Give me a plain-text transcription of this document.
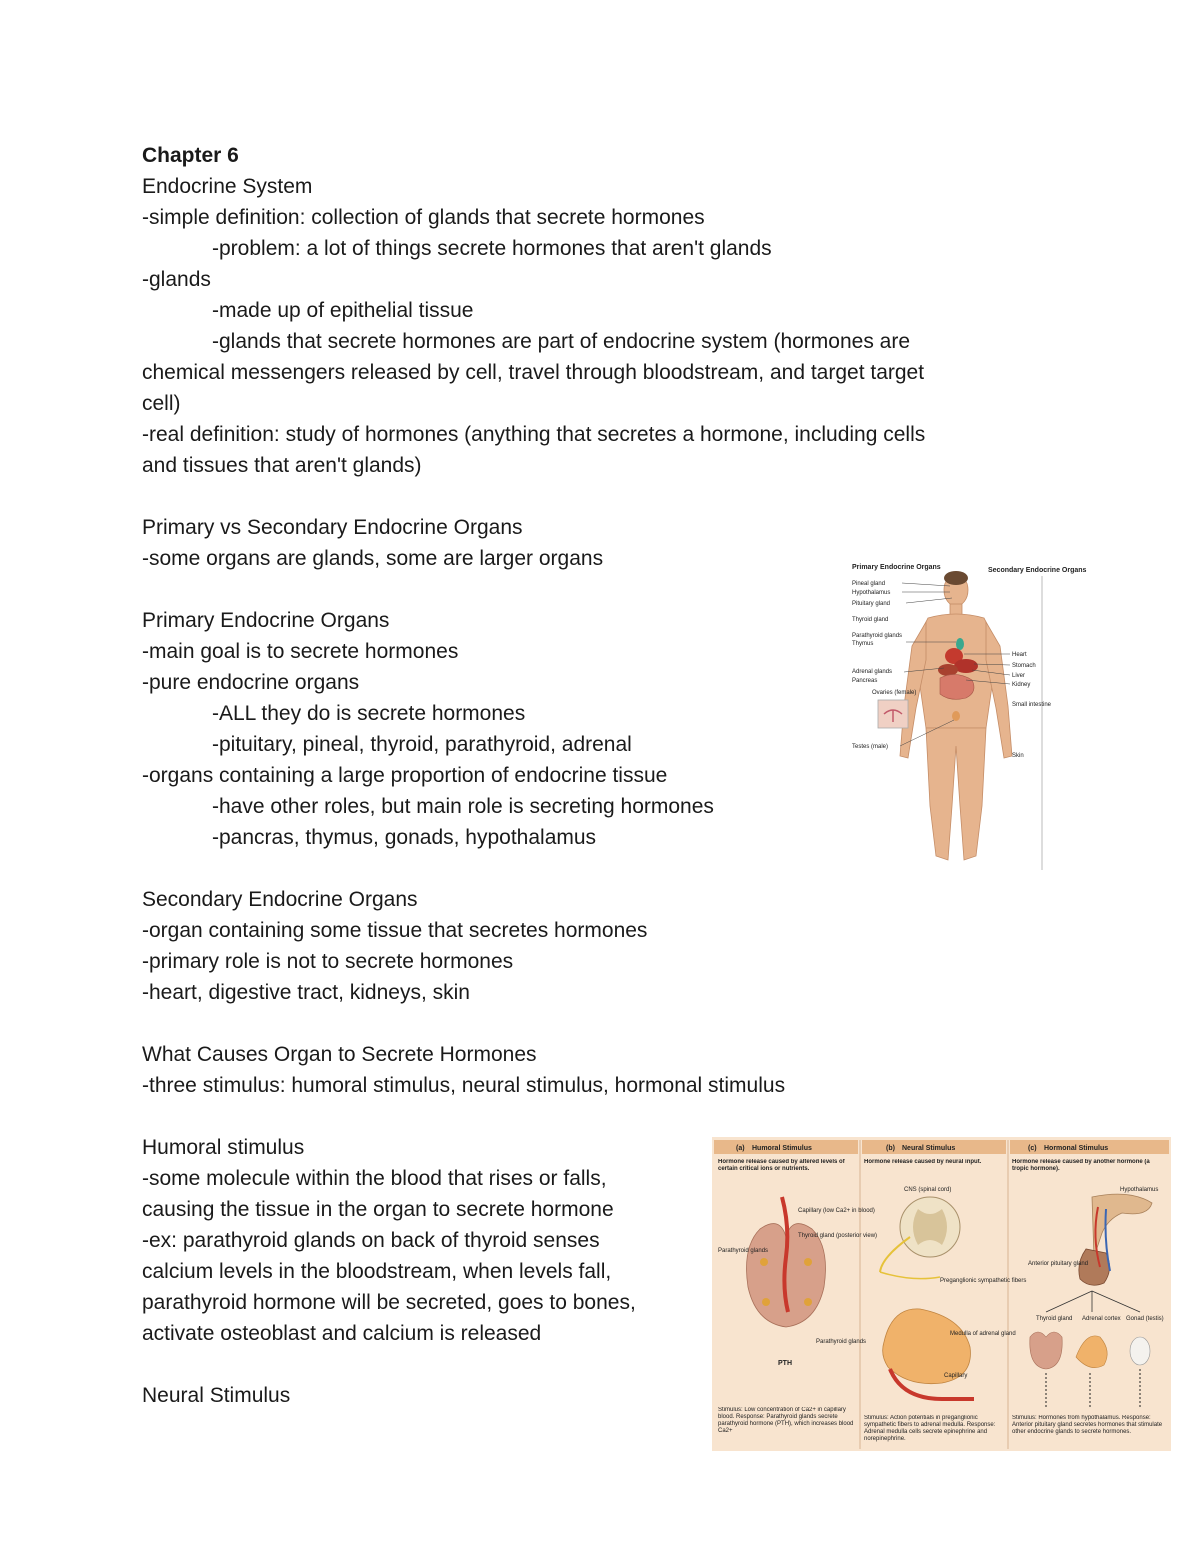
Chapter 6
Endocrine System
-simple definition: collection of glands that secrete hormones
-problem: a lot of things secrete hormones that aren't glands
-glands
-made up of epithelial tissue
-glands that secrete hormones are part of endocrine system (hormones are
chemical messengers released by cell, travel through bloodstream, and target target
cell)
-real definition: study of hormones (anything that secretes a hormone, including cells
and tissues that aren't glands)
Primary vs Secondary Endocrine Organs
-some organs are glands, some are larger organs
Primary Endocrine Organs
-main goal is to secrete hormones
-pure endocrine organs
-ALL they do is secrete hormones
-pituitary, pineal, thyroid, parathyroid, adrenal
-organs containing a large proportion of endocrine tissue
-have other roles, but main role is secreting hormones
-pancras, thymus, gonads, hypothalamus
Secondary Endocrine Organs
-organ containing some tissue that secretes hormones
-primary role is not to secrete hormones
-heart, digestive tract, kidneys, skin
What Causes Organ to Secrete Hormones
-three stimulus: humoral stimulus, neural stimulus, hormonal stimulus
Humoral stimulus
-some molecule within the blood that rises or falls,
causing the tissue in the organ to secrete hormone
-ex: parathyroid glands on back of thyroid senses
calcium levels in the bloodstream, when levels fall,
parathyroid hormone will be secreted, goes to bones,
activate osteoblast and calcium is released
Neural Stimulus
Primary Endocrine Organs	Secondary Endocrine Organs
Pineal gland
Hypothalamus
Pituitary gland
Thyroid gland
Parathyroid glands
Thymus
Adrenal glands
Pancreas
Ovaries (female)
Testes (male)
Heart
Stomach
Liver
Kidney
Small intestine
Skin
(a) Humoral Stimulus
Hormone release caused by altered levels of certain critical ions or nutrients.
Capillary (low Ca2+ in blood)
Thyroid gland (posterior view)
Parathyroid glands
Parathyroid glands
PTH
Stimulus: Low concentration of Ca2+ in capillary blood. Response: Parathyroid glands secrete parathyroid hormone (PTH), which increases blood Ca2+
(b) Neural Stimulus
Hormone release caused by neural input.
CNS (spinal cord)
Preganglionic sympathetic fibers
Medulla of adrenal gland
Capillary
Stimulus: Action potentials in preganglionic sympathetic fibers to adrenal medulla. Response: Adrenal medulla cells secrete epinephrine and norepinephrine.
(c) Hormonal Stimulus
Hormone release caused by another hormone (a tropic hormone).
Hypothalamus
Anterior pituitary gland
Thyroid gland Adrenal cortex Gonad (testis)
Stimulus: Hormones from hypothalamus. Response: Anterior pituitary gland secretes hormones that stimulate other endocrine glands to secrete hormones.
